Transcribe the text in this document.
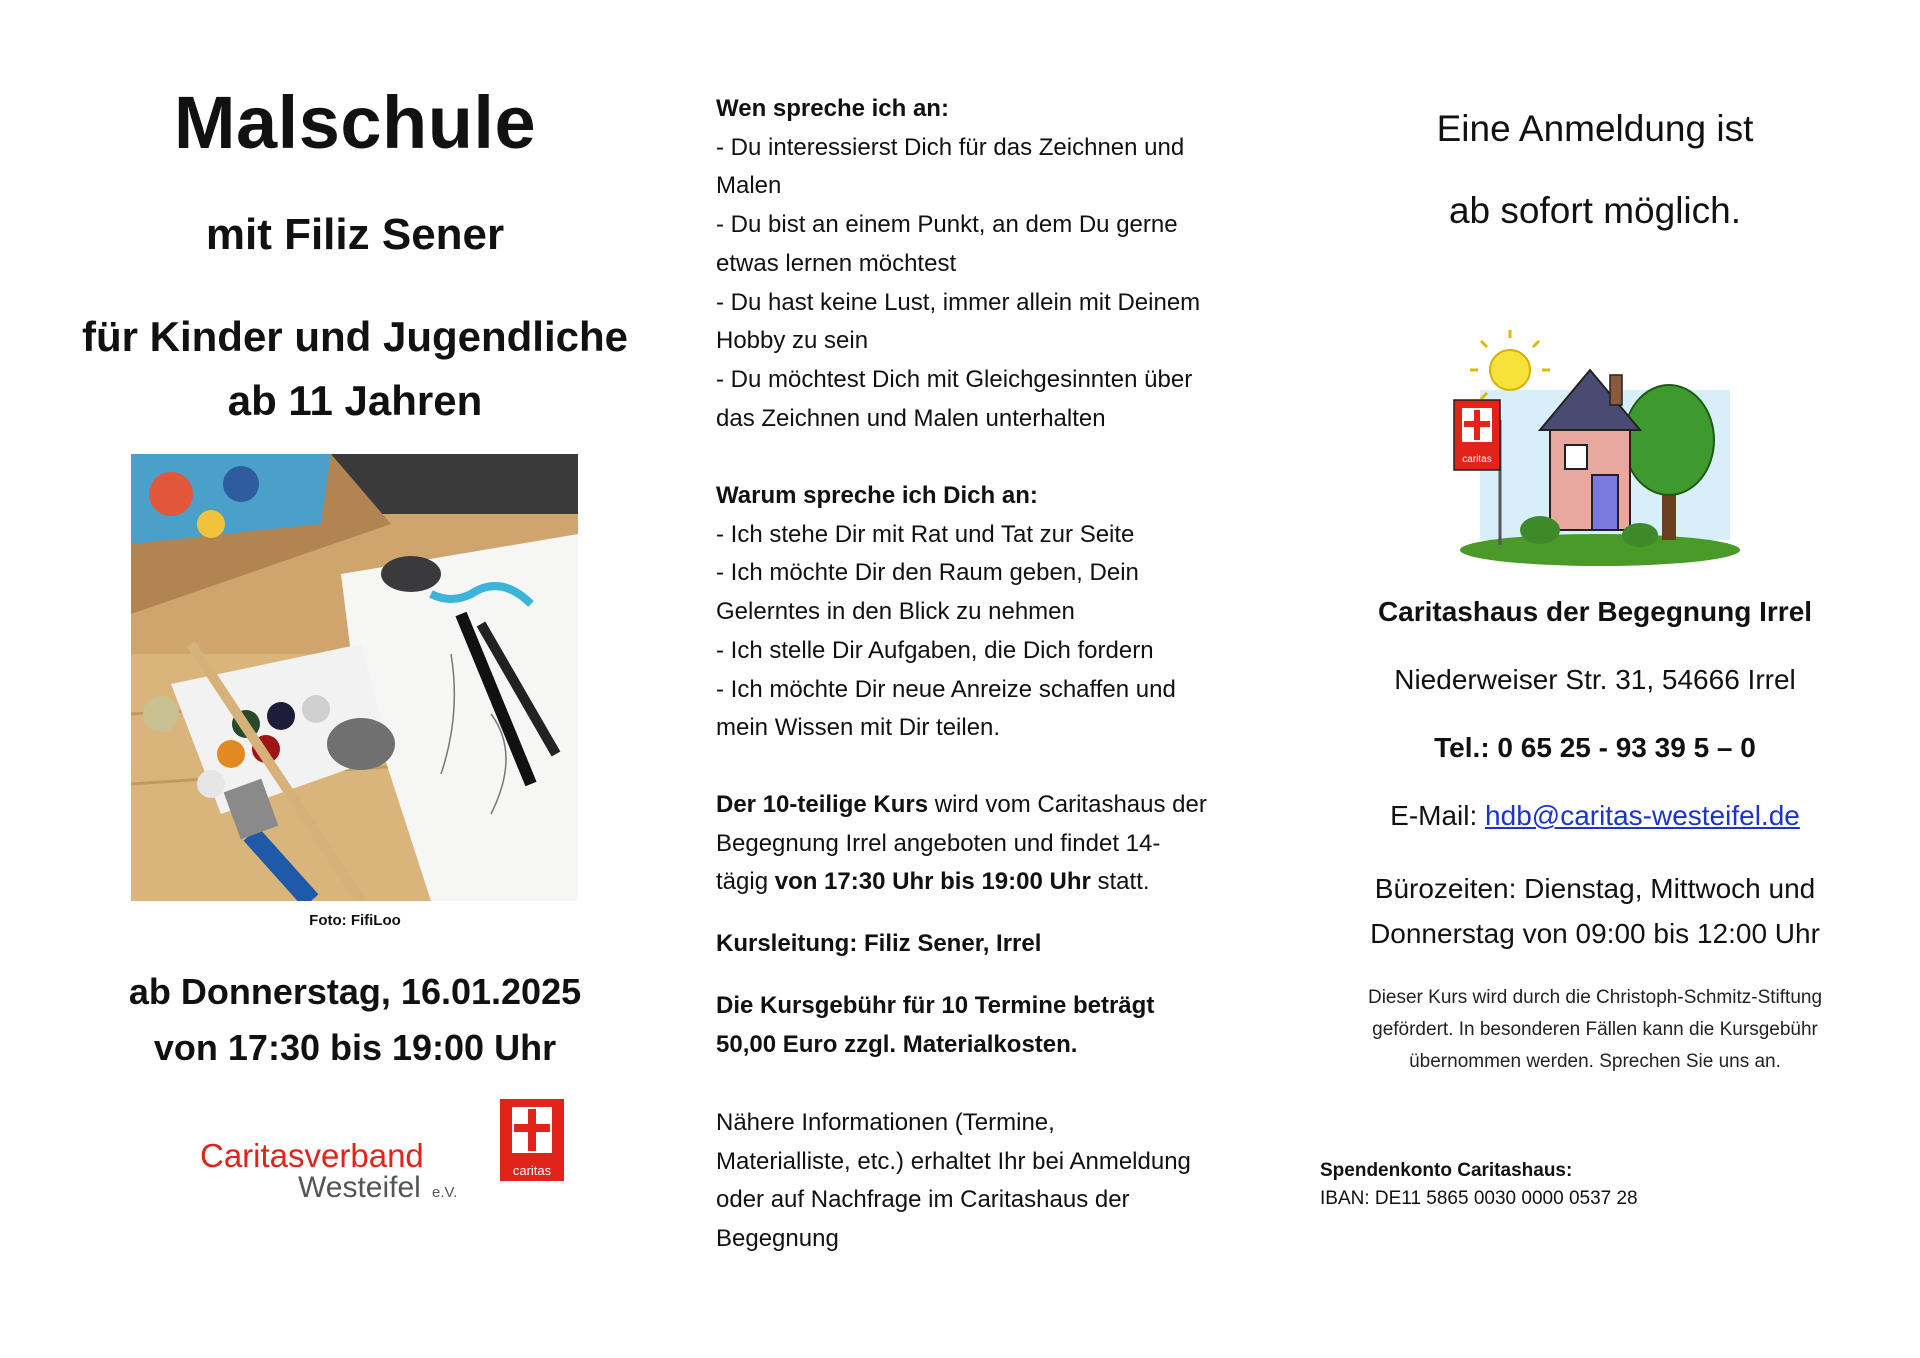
Malschule
mit Filiz Sener
für Kinder und Jugendliche
ab 11 Jahren
Foto: FifiLoo
ab Donnerstag, 16.01.2025
von 17:30 bis 19:00 Uhr
caritas
Caritasverband
Westeifel e.V.
Wen spreche ich an:
- Du interessierst Dich für das Zeichnen und
Malen
- Du bist an einem Punkt, an dem Du gerne
etwas lernen möchtest
- Du hast keine Lust, immer allein mit Deinem
Hobby zu sein
- Du möchtest Dich mit Gleichgesinnten über
das Zeichnen und Malen unterhalten
Warum spreche ich Dich an:
- Ich stehe Dir mit Rat und Tat zur Seite
- Ich möchte Dir den Raum geben, Dein
Gelerntes in den Blick zu nehmen
- Ich stelle Dir Aufgaben, die Dich fordern
- Ich möchte Dir neue Anreize schaffen und
mein Wissen mit Dir teilen.
Der 10-teilige Kurs wird vom Caritashaus der
Begegnung Irrel angeboten und findet 14-
tägig von 17:30 Uhr bis 19:00 Uhr statt.
Kursleitung: Filiz Sener, Irrel
Die Kursgebühr für 10 Termine beträgt
50,00 Euro zzgl. Materialkosten.
Nähere Informationen (Termine,
Materialliste, etc.) erhaltet Ihr bei Anmeldung
oder auf Nachfrage im Caritashaus der
Begegnung
Eine Anmeldung ist
ab sofort möglich.
caritas
Caritashaus der Begegnung Irrel
Niederweiser Str. 31, 54666 Irrel
Tel.: 0 65 25 - 93 39 5 – 0
E-Mail: hdb@caritas-westeifel.de
Bürozeiten: Dienstag, Mittwoch und
Donnerstag von 09:00 bis 12:00 Uhr
Dieser Kurs wird durch die Christoph-Schmitz-Stiftung
gefördert. In besonderen Fällen kann die Kursgebühr
übernommen werden. Sprechen Sie uns an.
Spendenkonto Caritashaus:
IBAN: DE11 5865 0030 0000 0537 28
